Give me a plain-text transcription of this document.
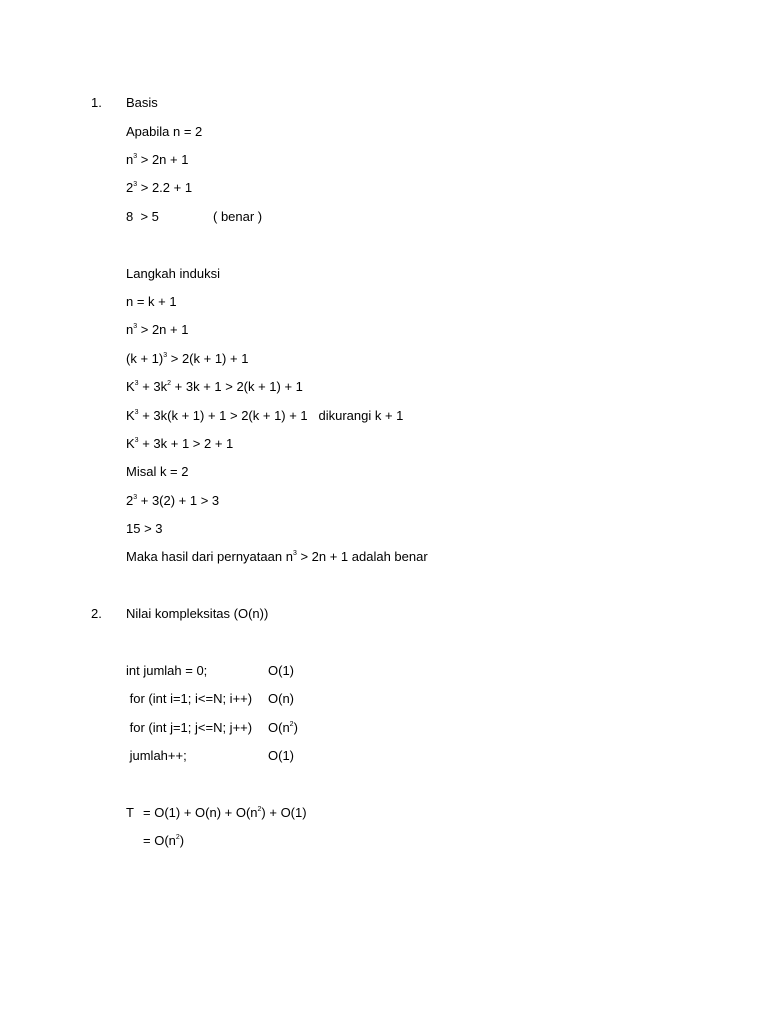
1. Basis
Apabila n = 2
$n^3 > 2n + 1$
$2^3 > 2.2 + 1$
8  > 5	( benar )
Langkah induksi
n = k + 1
$n^3 > 2n + 1$
$(k + 1)^3 > 2(k + 1) + 1$
$K^3 + 3k^2 + 3k + 1 > 2(k + 1) + 1$
$K^3 + 3k(k + 1) + 1 > 2(k + 1) + 1$   dikurangi k + 1
$K^3 + 3k + 1 > 2 + 1$
Misal k = 2
$2^3 + 3(2) + 1 > 3$
15 > 3
Maka hasil dari pernyataan $n^3 > 2n + 1$ adalah benar
2. Nilai kompleksitas (O(n))
int jumlah = 0;	O(1)
for (int i=1; i<=N; i++) O(n)
for (int j=1; j<=N; j++) $O(n^2)$
jumlah++;	O(1)
$T = O(1) + O(n) + O(n^2) + O(1)$
= $O(n^2)$
